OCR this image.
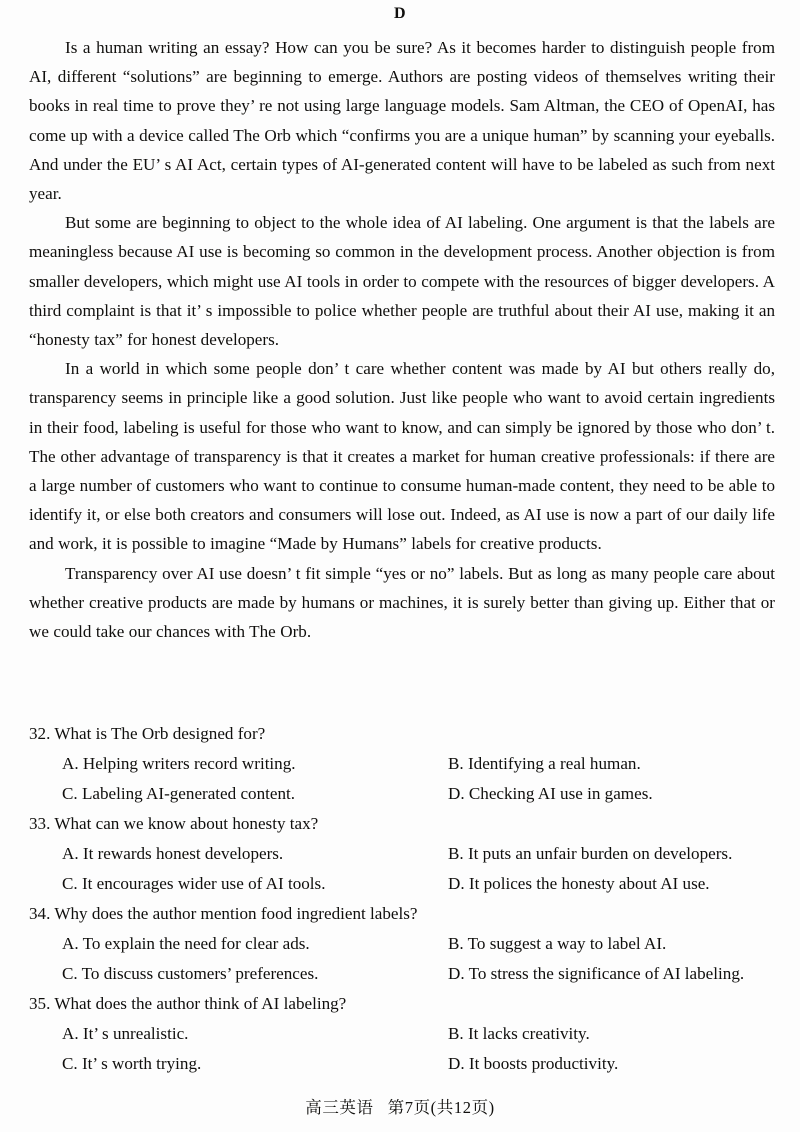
D

Is a human writing an essay? How can you be sure? As it becomes harder to distinguish people from AI, different “solutions” are beginning to emerge. Authors are posting videos of themselves writing their books in real time to prove they’ re not using large language models. Sam Altman, the CEO of OpenAI, has come up with a device called The Orb which “confirms you are a unique human” by scanning your eyeballs. And under the EU’ s AI Act, certain types of AI-generated content will have to be labeled as such from next year.

But some are beginning to object to the whole idea of AI labeling. One argument is that the labels are meaningless because AI use is becoming so common in the development process. Another objection is from smaller developers, which might use AI tools in order to compete with the resources of bigger developers. A third complaint is that it’ s impossible to police whether people are truthful about their AI use, making it an “honesty tax” for honest developers.

In a world in which some people don’ t care whether content was made by AI but others really do, transparency seems in principle like a good solution. Just like people who want to avoid certain ingredients in their food, labeling is useful for those who want to know, and can simply be ignored by those who don’ t. The other advantage of transparency is that it creates a market for human creative professionals: if there are a large number of customers who want to continue to consume human-made content, they need to be able to identify it, or else both creators and consumers will lose out. Indeed, as AI use is now a part of our daily life and work, it is possible to imagine “Made by Humans” labels for creative products.

Transparency over AI use doesn’ t fit simple “yes or no” labels. But as long as many people care about whether creative products are made by humans or machines, it is surely better than giving up. Either that or we could take our chances with The Orb.

32. What is The Orb designed for?
A. Helping writers record writing.	B. Identifying a real human.
C. Labeling AI-generated content.	D. Checking AI use in games.
33. What can we know about honesty tax?
A. It rewards honest developers.	B. It puts an unfair burden on developers.
C. It encourages wider use of AI tools.	D. It polices the honesty about AI use.
34. Why does the author mention food ingredient labels?
A. To explain the need for clear ads.	B. To suggest a way to label AI.
C. To discuss customers’ preferences.	D. To stress the significance of AI labeling.
35. What does the author think of AI labeling?
A. It’ s unrealistic.	B. It lacks creativity.
C. It’ s worth trying.	D. It boosts productivity.
高三英语 第7页(共12页)
